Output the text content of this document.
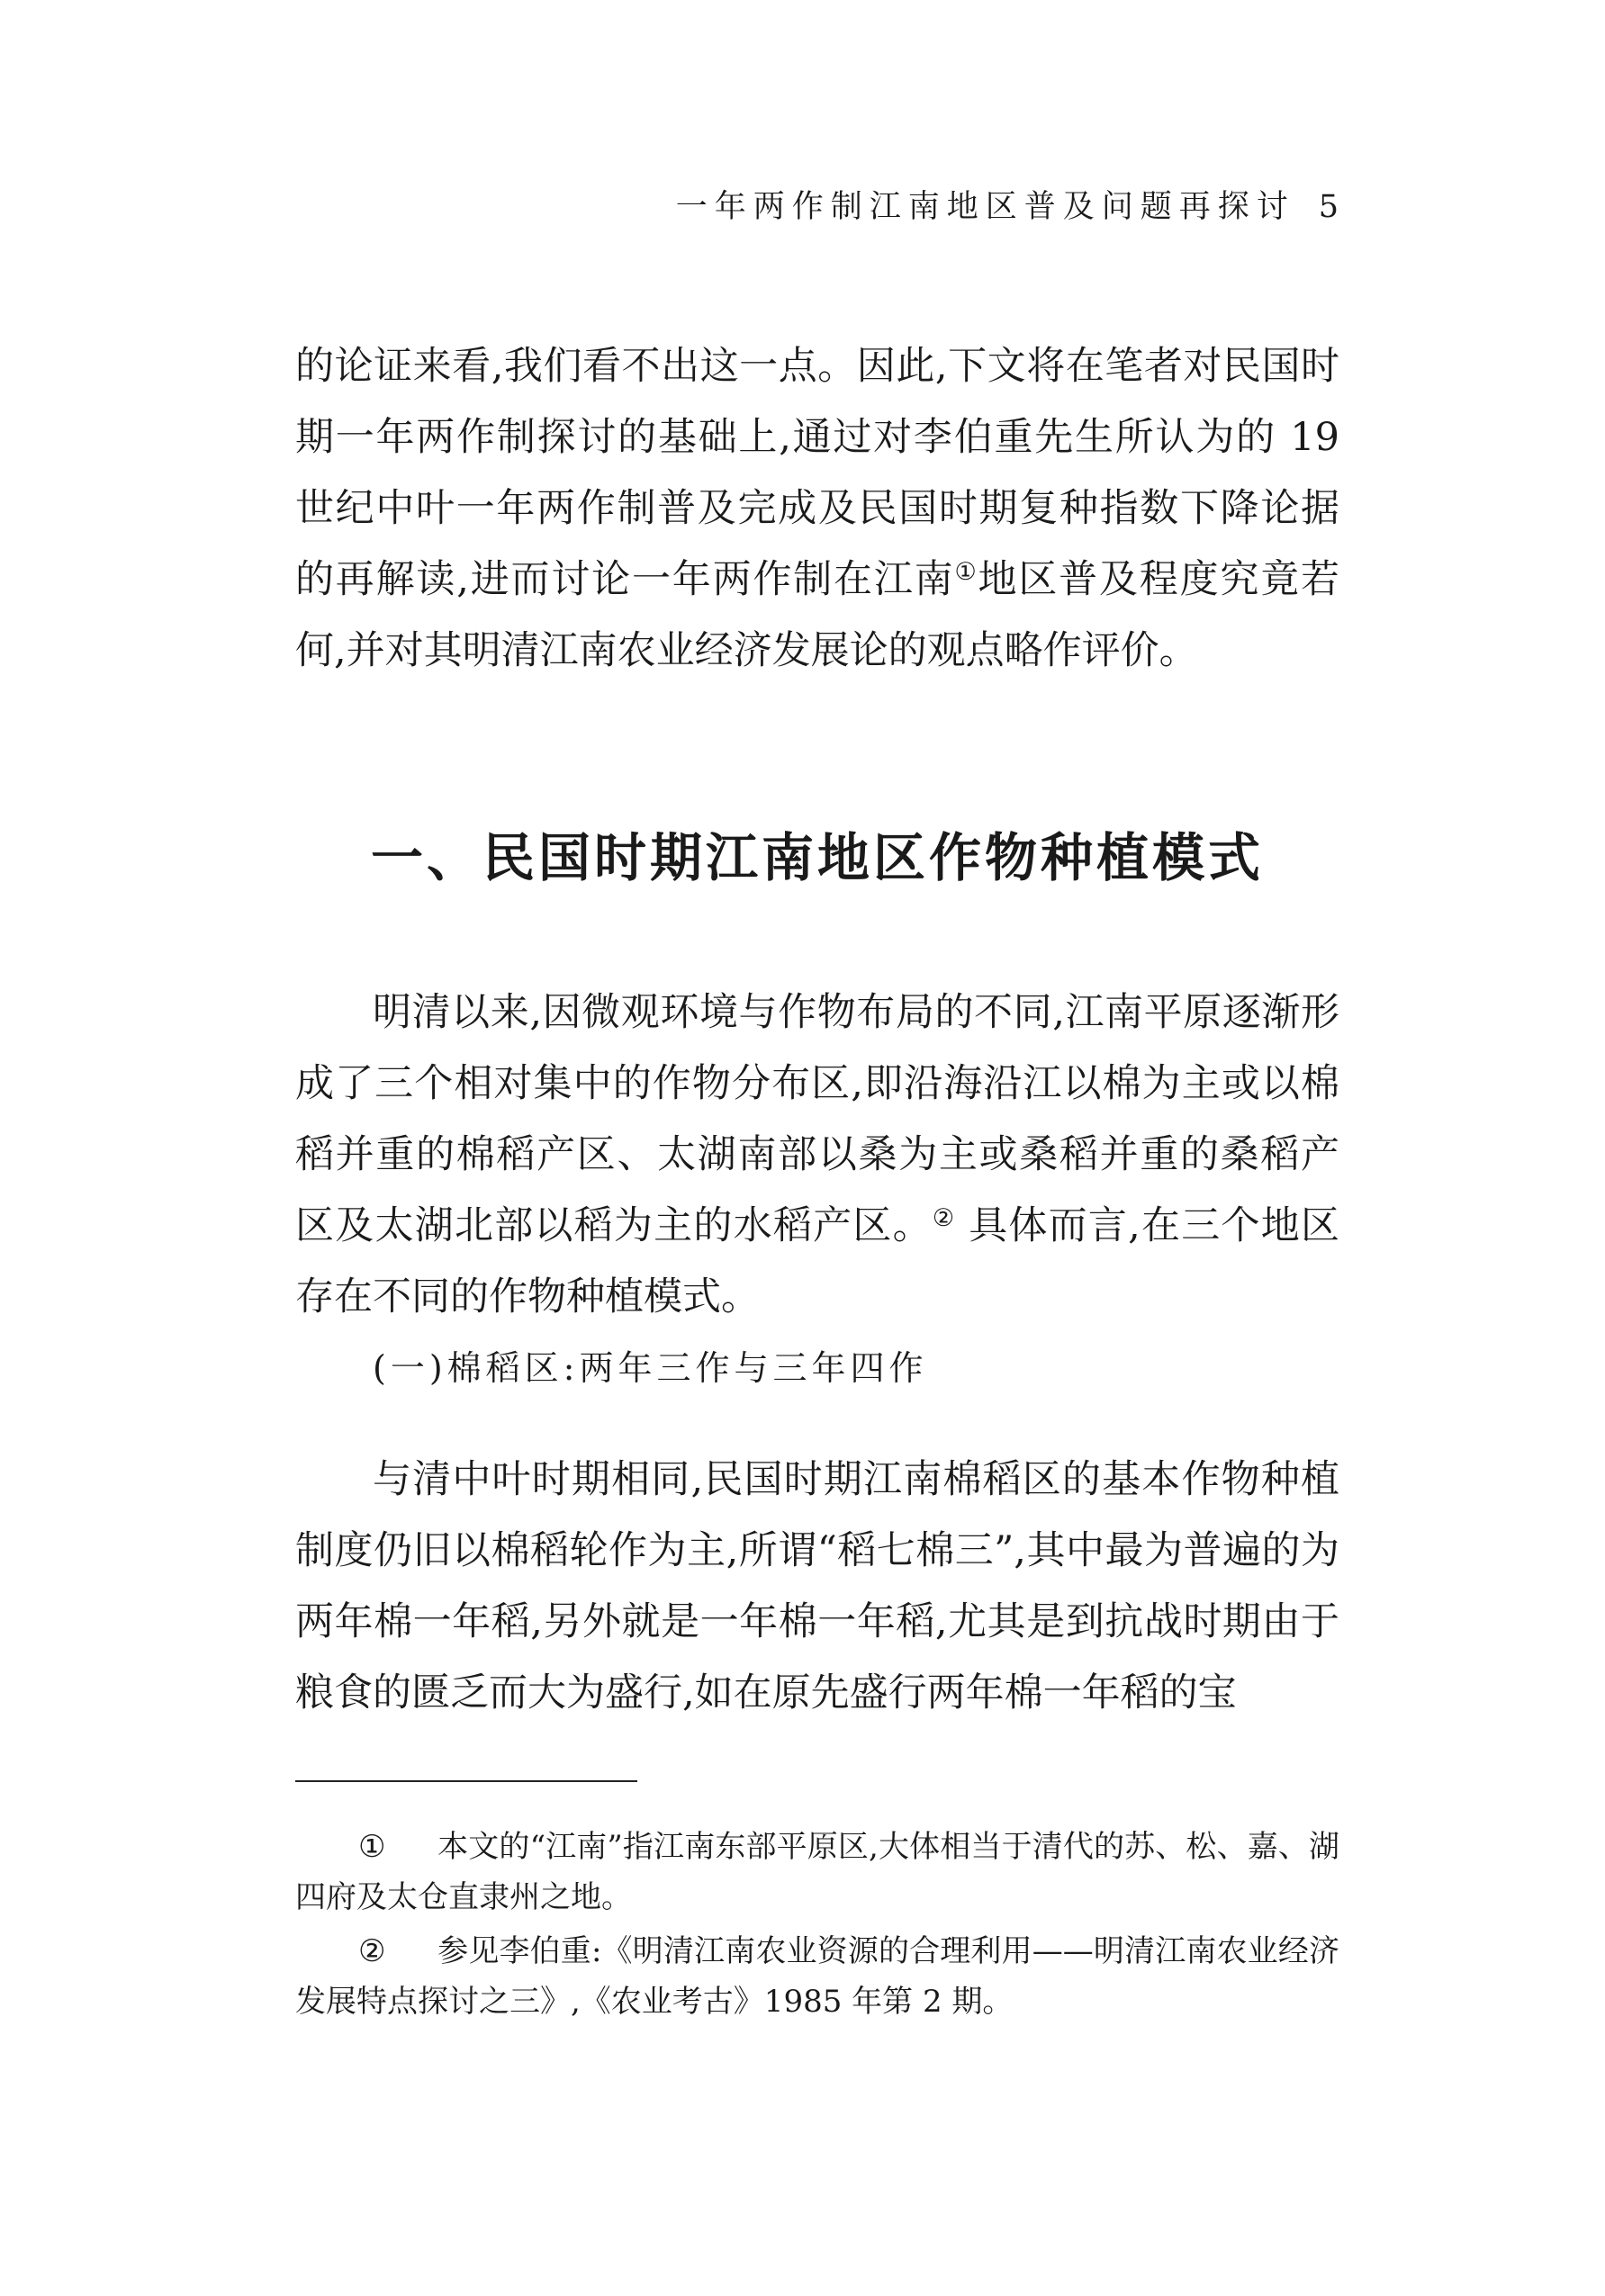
一年两作制江南地区普及问题再探讨 5

的论证来看,我们看不出这一点。因此,下文将在笔者对民国时期一年两作制探讨的基础上,通过对李伯重先生所认为的 19 世纪中叶一年两作制普及完成及民国时期复种指数下降论据的再解读,进而讨论一年两作制在江南①地区普及程度究竟若何,并对其明清江南农业经济发展论的观点略作评价。

一、民国时期江南地区作物种植模式

明清以来,因微观环境与作物布局的不同,江南平原逐渐形成了三个相对集中的作物分布区,即沿海沿江以棉为主或以棉稻并重的棉稻产区、太湖南部以桑为主或桑稻并重的桑稻产区及太湖北部以稻为主的水稻产区。② 具体而言,在三个地区存在不同的作物种植模式。

(一)棉稻区:两年三作与三年四作

与清中叶时期相同,民国时期江南棉稻区的基本作物种植制度仍旧以棉稻轮作为主,所谓“稻七棉三”,其中最为普遍的为两年棉一年稻,另外就是一年棉一年稻,尤其是到抗战时期由于粮食的匮乏而大为盛行,如在原先盛行两年棉一年稻的宝

① 本文的“江南”指江南东部平原区,大体相当于清代的苏、松、嘉、湖四府及太仓直隶州之地。

② 参见李伯重:《明清江南农业资源的合理利用——明清江南农业经济发展特点探讨之三》,《农业考古》1985 年第 2 期。
